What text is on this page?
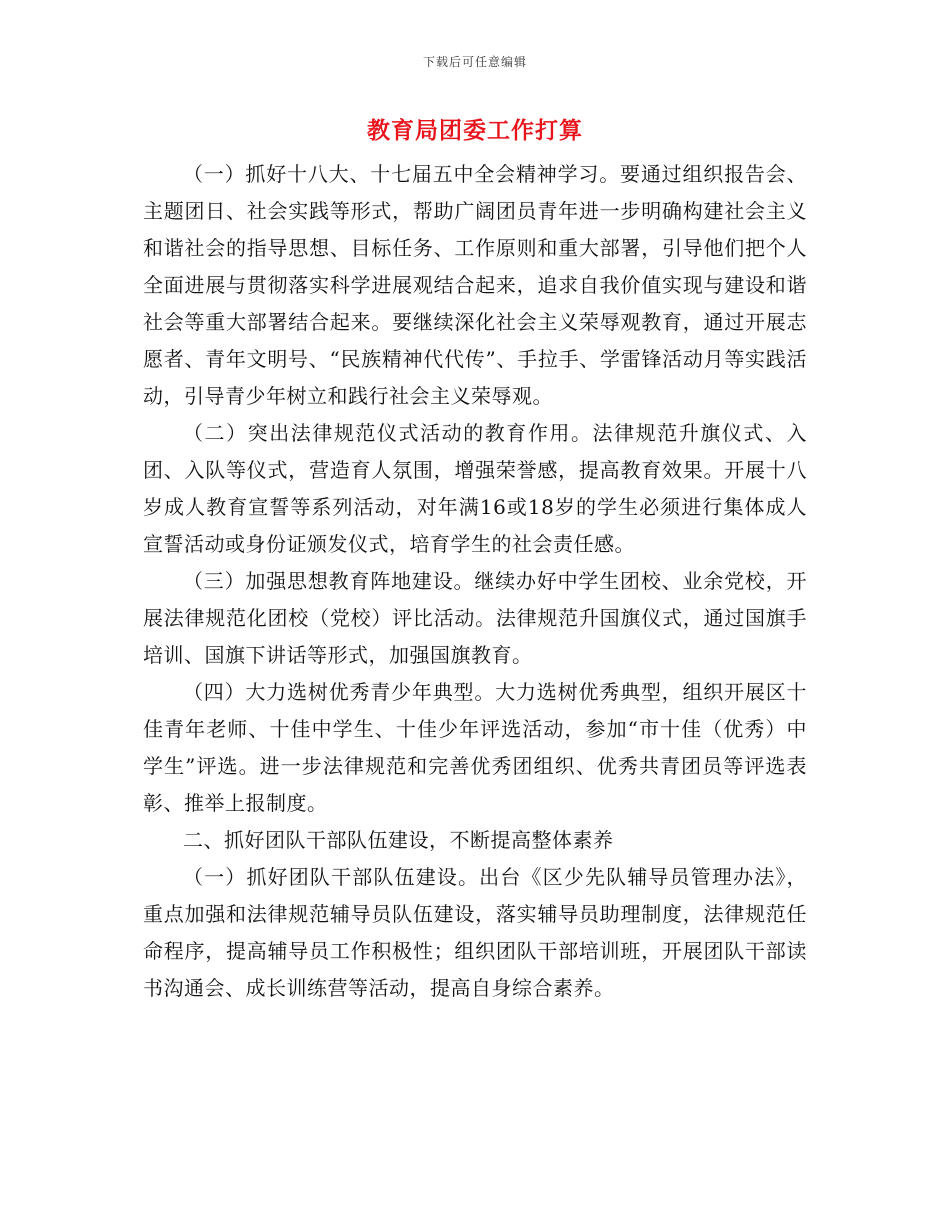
下载后可任意编辑
教育局团委工作打算

（一）抓好十八大、十七届五中全会精神学习。要通过组织报告会、主题团日、社会实践等形式，帮助广阔团员青年进一步明确构建社会主义和谐社会的指导思想、目标任务、工作原则和重大部署，引导他们把个人全面进展与贯彻落实科学进展观结合起来，追求自我价值实现与建设和谐社会等重大部署结合起来。要继续深化社会主义荣辱观教育，通过开展志愿者、青年文明号、“民族精神代代传”、手拉手、学雷锋活动月等实践活动，引导青少年树立和践行社会主义荣辱观。

（二）突出法律规范仪式活动的教育作用。法律规范升旗仪式、入团、入队等仪式，营造育人氛围，增强荣誉感，提高教育效果。开展十八岁成人教育宣誓等系列活动，对年满16或18岁的学生必须进行集体成人宣誓活动或身份证颁发仪式，培育学生的社会责任感。

（三）加强思想教育阵地建设。继续办好中学生团校、业余党校，开展法律规范化团校（党校）评比活动。法律规范升国旗仪式，通过国旗手培训、国旗下讲话等形式，加强国旗教育。

（四）大力选树优秀青少年典型。大力选树优秀典型，组织开展区十佳青年老师、十佳中学生、十佳少年评选活动，参加“市十佳（优秀）中学生”评选。进一步法律规范和完善优秀团组织、优秀共青团员等评选表彰、推举上报制度。

二、抓好团队干部队伍建设，不断提高整体素养

（一）抓好团队干部队伍建设。出台《区少先队辅导员管理办法》，重点加强和法律规范辅导员队伍建设，落实辅导员助理制度，法律规范任命程序，提高辅导员工作积极性；组织团队干部培训班，开展团队干部读书沟通会、成长训练营等活动，提高自身综合素养。
